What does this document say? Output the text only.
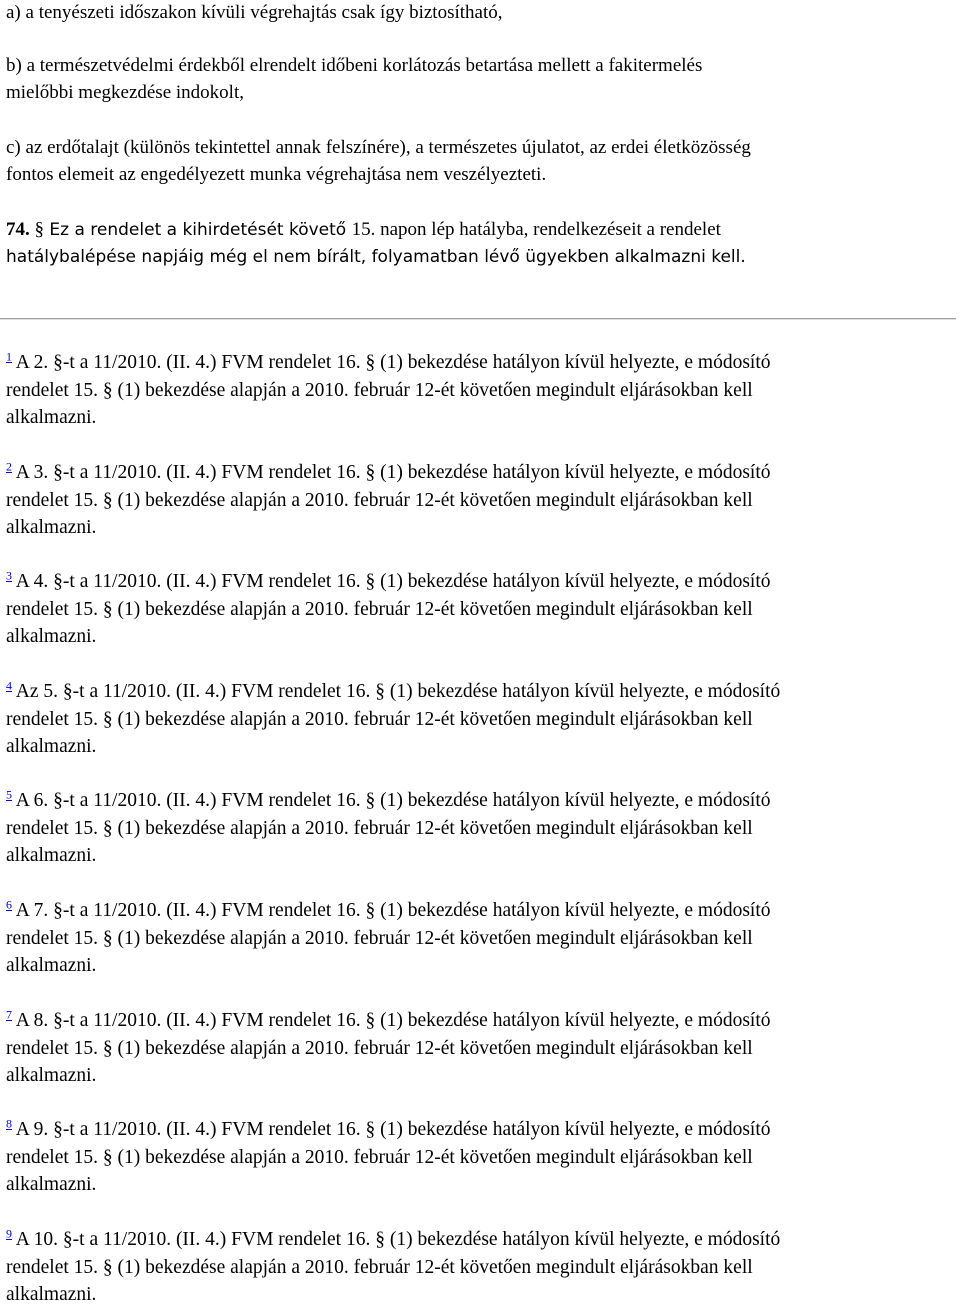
a) a tenyészeti időszakon kívüli végrehajtás csak így biztosítható,

b) a természetvédelmi érdekből elrendelt időbeni korlátozás betartása mellett a fakitermelés
mielőbbi megkezdése indokolt,

c) az erdőtalajt (különös tekintettel annak felszínére), a természetes újulatot, az erdei életközösség
fontos elemeit az engedélyezett munka végrehajtása nem veszélyezteti.

74. § Ez a rendelet a kihirdetését követő 15. napon lép hatályba, rendelkezéseit a rendelet
hatálybalépése napjáig még el nem bírált, folyamatban lévő ügyekben alkalmazni kell.

$^1$ A 2. §-t a 11/2010. (II. 4.) FVM rendelet 16. § (1) bekezdése hatályon kívül helyezte, e módosító
rendelet 15. § (1) bekezdése alapján a 2010. február 12-ét követően megindult eljárásokban kell
alkalmazni.
$^2$ A 3. §-t a 11/2010. (II. 4.) FVM rendelet 16. § (1) bekezdése hatályon kívül helyezte, e módosító
rendelet 15. § (1) bekezdése alapján a 2010. február 12-ét követően megindult eljárásokban kell
alkalmazni.
$^3$ A 4. §-t a 11/2010. (II. 4.) FVM rendelet 16. § (1) bekezdése hatályon kívül helyezte, e módosító
rendelet 15. § (1) bekezdése alapján a 2010. február 12-ét követően megindult eljárásokban kell
alkalmazni.
$^4$ Az 5. §-t a 11/2010. (II. 4.) FVM rendelet 16. § (1) bekezdése hatályon kívül helyezte, e módosító
rendelet 15. § (1) bekezdése alapján a 2010. február 12-ét követően megindult eljárásokban kell
alkalmazni.
$^5$ A 6. §-t a 11/2010. (II. 4.) FVM rendelet 16. § (1) bekezdése hatályon kívül helyezte, e módosító
rendelet 15. § (1) bekezdése alapján a 2010. február 12-ét követően megindult eljárásokban kell
alkalmazni.
$^6$ A 7. §-t a 11/2010. (II. 4.) FVM rendelet 16. § (1) bekezdése hatályon kívül helyezte, e módosító
rendelet 15. § (1) bekezdése alapján a 2010. február 12-ét követően megindult eljárásokban kell
alkalmazni.
$^7$ A 8. §-t a 11/2010. (II. 4.) FVM rendelet 16. § (1) bekezdése hatályon kívül helyezte, e módosító
rendelet 15. § (1) bekezdése alapján a 2010. február 12-ét követően megindult eljárásokban kell
alkalmazni.
$^8$ A 9. §-t a 11/2010. (II. 4.) FVM rendelet 16. § (1) bekezdése hatályon kívül helyezte, e módosító
rendelet 15. § (1) bekezdése alapján a 2010. február 12-ét követően megindult eljárásokban kell
alkalmazni.
$^9$ A 10. §-t a 11/2010. (II. 4.) FVM rendelet 16. § (1) bekezdése hatályon kívül helyezte, e módosító
rendelet 15. § (1) bekezdése alapján a 2010. február 12-ét követően megindult eljárásokban kell
alkalmazni.
